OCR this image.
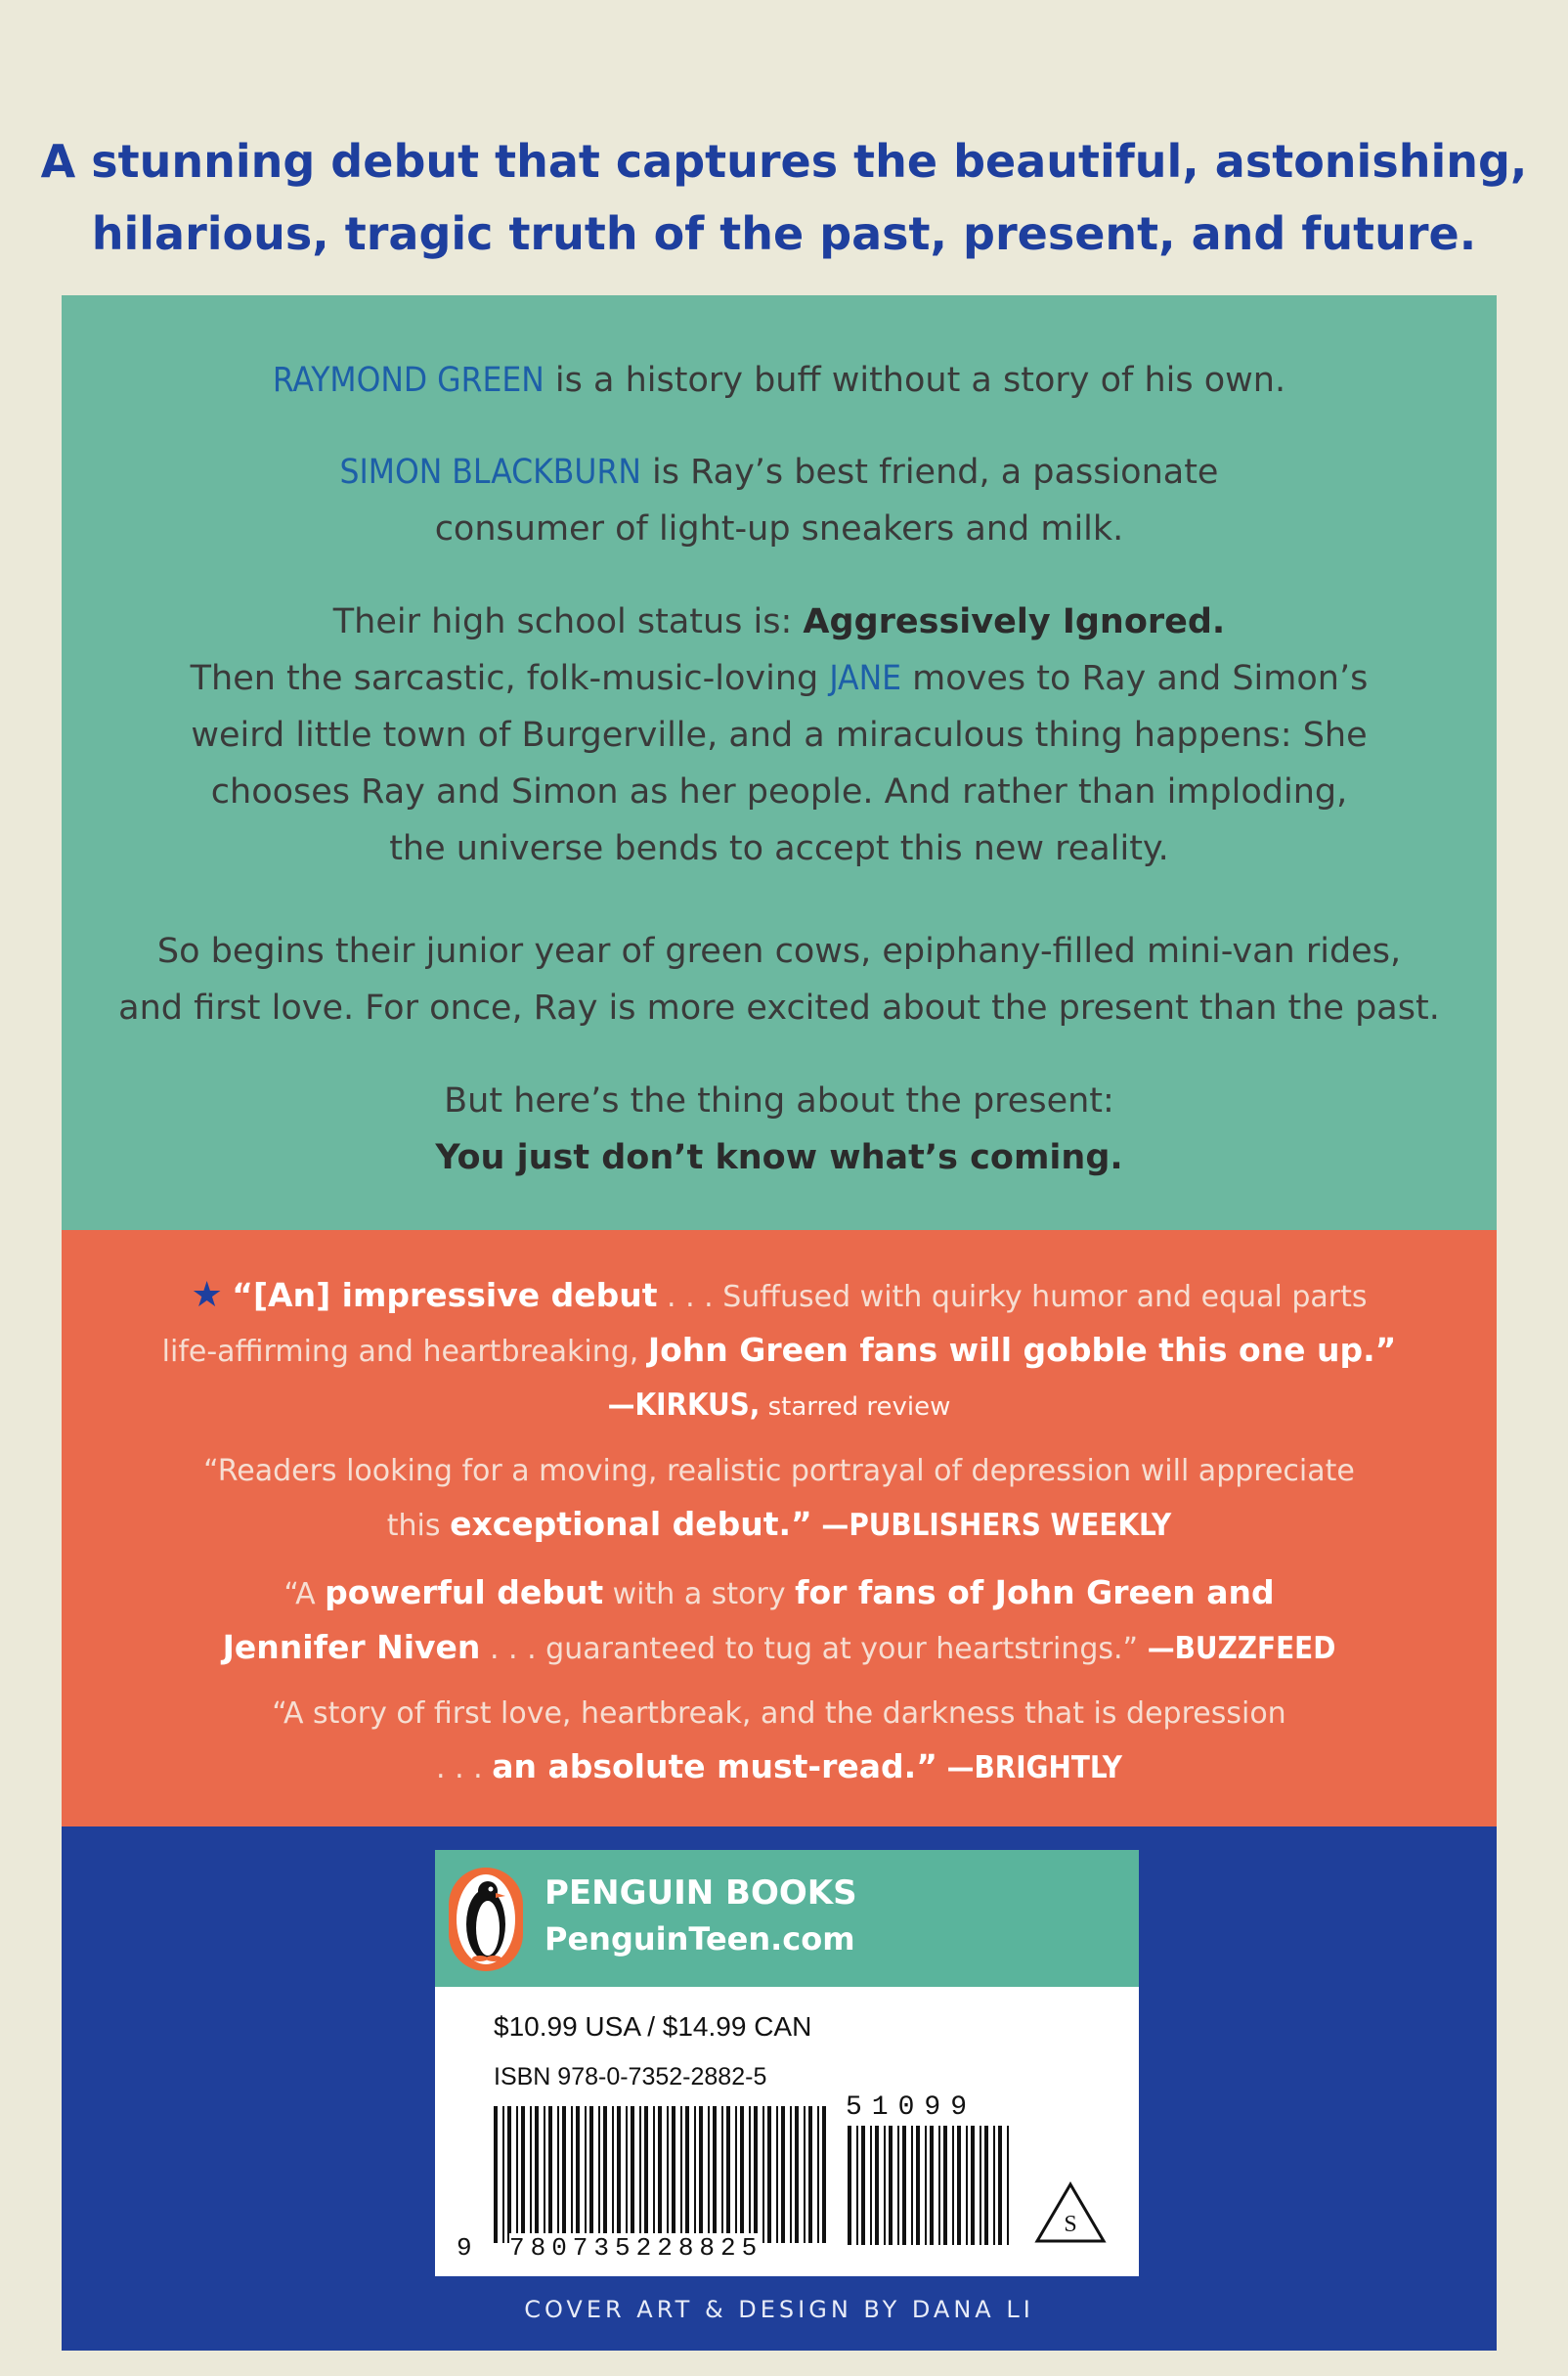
A stunning debut that captures the beautiful, astonishing,
hilarious, tragic truth of the past, present, and future.
RAYMOND GREEN is a history buff without a story of his own.
SIMON BLACKBURN is Ray’s best friend, a passionate
consumer of light-up sneakers and milk.
Their high school status is: Aggressively Ignored.
Then the sarcastic, folk-music-loving JANE moves to Ray and Simon’s
weird little town of Burgerville, and a miraculous thing happens: She
chooses Ray and Simon as her people. And rather than imploding,
the universe bends to accept this new reality.
So begins their junior year of green cows, epiphany-filled mini-van rides,
and first love. For once, Ray is more excited about the present than the past.
But here’s the thing about the present:
You just don’t know what’s coming.
★ “[An] impressive debut . . . Suffused with quirky humor and equal parts
life-affirming and heartbreaking, John Green fans will gobble this one up.”
—KIRKUS, starred review
“Readers looking for a moving, realistic portrayal of depression will appreciate
this exceptional debut.” —PUBLISHERS WEEKLY
“A powerful debut with a story for fans of John Green and
Jennifer Niven . . . guaranteed to tug at your heartstrings.” —BUZZFEED
“A story of first love, heartbreak, and the darkness that is depression
. . . an absolute must-read.” —BRIGHTLY
PENGUIN BOOKS
PenguinTeen.com
$10.99 USA / $14.99 CAN
ISBN 978-0-7352-2882-5
51099
9 780735228825
S
COVER ART & DESIGN BY DANA LI
